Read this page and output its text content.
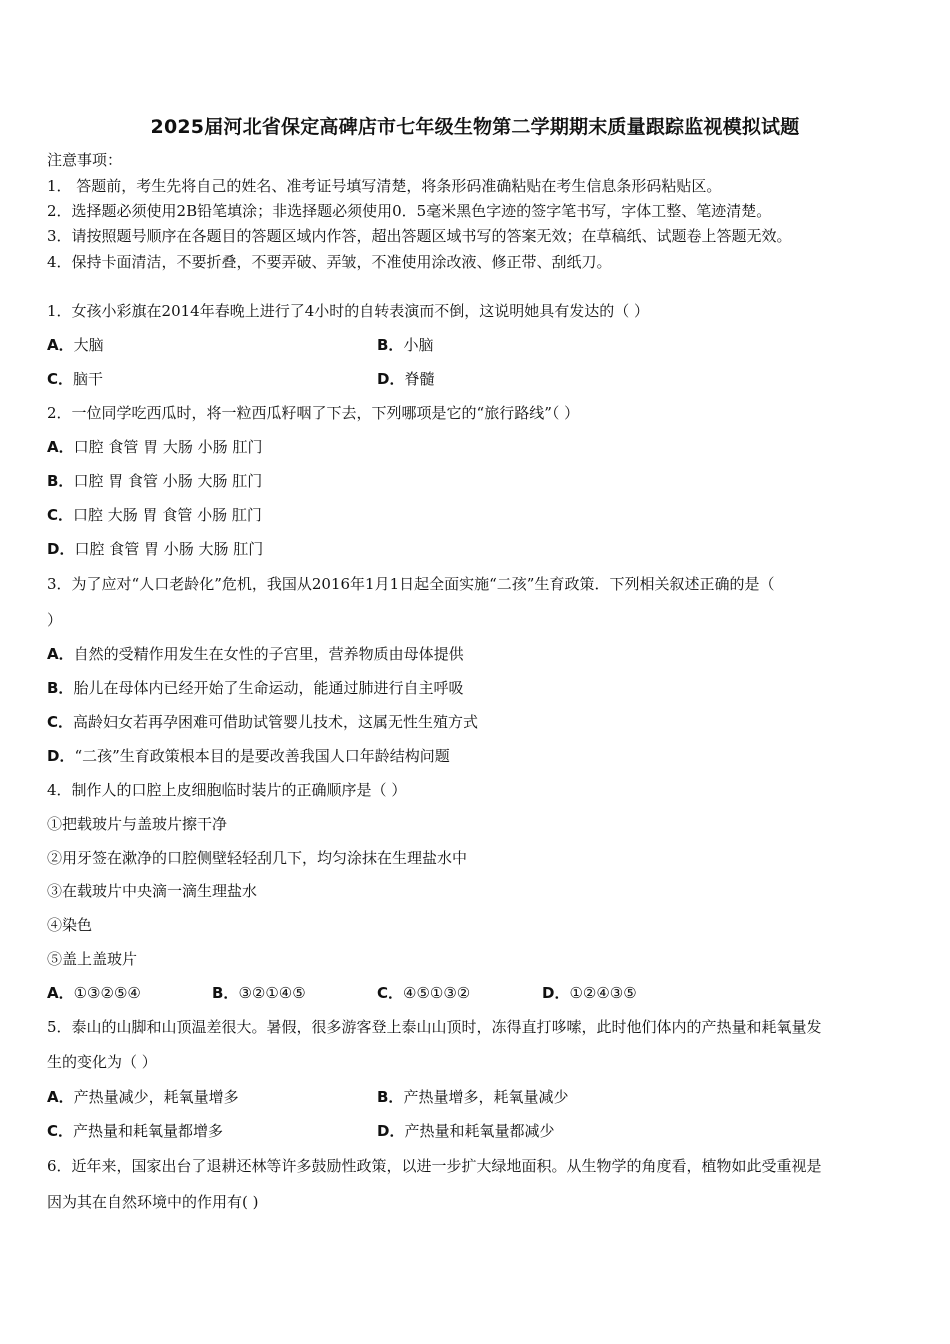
2025届河北省保定高碑店市七年级生物第二学期期末质量跟踪监视模拟试题
注意事项：
1． 答题前，考生先将自己的姓名、准考证号填写清楚，将条形码准确粘贴在考生信息条形码粘贴区。
2．选择题必须使用2B铅笔填涂；非选择题必须使用0．5毫米黑色字迹的签字笔书写，字体工整、笔迹清楚。
3．请按照题号顺序在各题目的答题区域内作答，超出答题区域书写的答案无效；在草稿纸、试题卷上答题无效。
4．保持卡面清洁，不要折叠，不要弄破、弄皱，不准使用涂改液、修正带、刮纸刀。
1．女孩小彩旗在2014年春晚上进行了4小时的自转表演而不倒，这说明她具有发达的（ ）
A．大脑	B．小脑
C．脑干	D．脊髓
2．一位同学吃西瓜时，将一粒西瓜籽咽了下去，下列哪项是它的“旅行路线”（ ）
A．口腔 食管 胃 大肠 小肠 肛门
B．口腔 胃 食管 小肠 大肠 肛门
C．口腔 大肠 胃 食管 小肠 肛门
D．口腔 食管 胃 小肠 大肠 肛门
3．为了应对“人口老龄化”危机，我国从2016年1月1日起全面实施“二孩”生育政策．下列相关叙述正确的是（
）
A．自然的受精作用发生在女性的子宫里，营养物质由母体提供
B．胎儿在母体内已经开始了生命运动，能通过肺进行自主呼吸
C．高龄妇女若再孕困难可借助试管婴儿技术，这属无性生殖方式
D．“二孩”生育政策根本目的是要改善我国人口年龄结构问题
4．制作人的口腔上皮细胞临时装片的正确顺序是（ ）
①把载玻片与盖玻片擦干净
②用牙签在漱净的口腔侧壁轻轻刮几下，均匀涂抹在生理盐水中
③在载玻片中央滴一滴生理盐水
④染色
⑤盖上盖玻片
A．①③②⑤④	B．③②①④⑤	C．④⑤①③②	D．①②④③⑤
5．泰山的山脚和山顶温差很大。暑假，很多游客登上泰山山顶时，冻得直打哆嗦，此时他们体内的产热量和耗氧量发
生的变化为（ ）
A．产热量减少，耗氧量增多	B．产热量增多，耗氧量减少
C．产热量和耗氧量都增多	D．产热量和耗氧量都减少
6．近年来，国家出台了退耕还林等许多鼓励性政策，以进一步扩大绿地面积。从生物学的角度看，植物如此受重视是
因为其在自然环境中的作用有( )
